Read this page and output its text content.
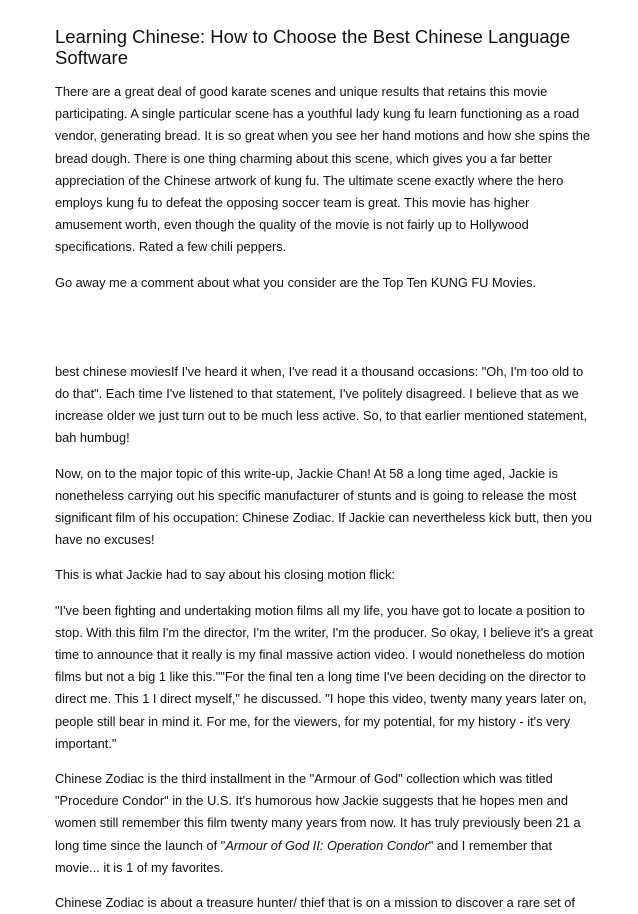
Learning Chinese: How to Choose the Best Chinese Language Software

There are a great deal of good karate scenes and unique results that retains this movie participating. A single particular scene has a youthful lady kung fu learn functioning as a road vendor, generating bread. It is so great when you see her hand motions and how she spins the bread dough. There is one thing charming about this scene, which gives you a far better appreciation of the Chinese artwork of kung fu. The ultimate scene exactly where the hero employs kung fu to defeat the opposing soccer team is great. This movie has higher amusement worth, even though the quality of the movie is not fairly up to Hollywood specifications. Rated a few chili peppers.

Go away me a comment about what you consider are the Top Ten KUNG FU Movies.

best chinese moviesIf I've heard it when, I've read it a thousand occasions: "Oh, I'm too old to do that". Each time I've listened to that statement, I've politely disagreed. I believe that as we increase older we just turn out to be much less active. So, to that earlier mentioned statement, bah humbug!

Now, on to the major topic of this write-up, Jackie Chan! At 58 a long time aged, Jackie is nonetheless carrying out his specific manufacturer of stunts and is going to release the most significant film of his occupation: Chinese Zodiac. If Jackie can nevertheless kick butt, then you have no excuses!

This is what Jackie had to say about his closing motion flick:

"I've been fighting and undertaking motion films all my life, you have got to locate a position to stop. With this film I'm the director, I'm the writer, I'm the producer. So okay, I believe it's a great time to announce that it really is my final massive action video. I would nonetheless do motion films but not a big 1 like this.""For the final ten a long time I've been deciding on the director to direct me. This 1 I direct myself," he discussed. "I hope this video, twenty many years later on, people still bear in mind it. For me, for the viewers, for my potential, for my history - it's very important."

Chinese Zodiac is the third installment in the "Armour of God" collection which was titled "Procedure Condor" in the U.S. It's humorous how Jackie suggests that he hopes men and women still remember this film twenty many years from now. It has truly previously been 21 a long time since the launch of "Armour of God II: Operation Condor" and I remember that movie... it is 1 of my favorites.

Chinese Zodiac is about a treasure hunter/ thief that is on a mission to discover a rare set of
